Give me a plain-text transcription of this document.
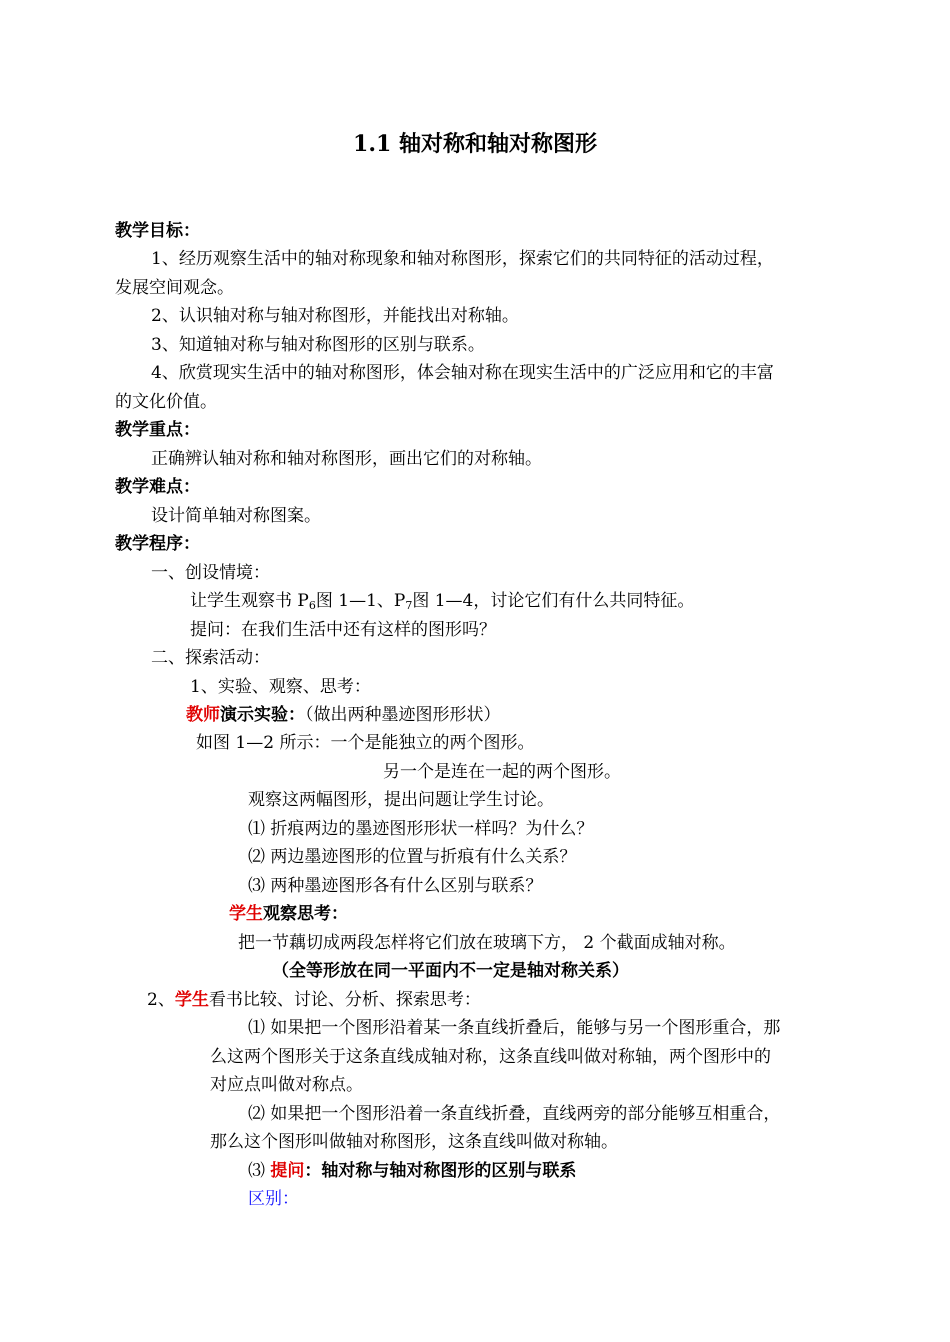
1.1 轴对称和轴对称图形
教学目标：
1、经历观察生活中的轴对称现象和轴对称图形，探索它们的共同特征的活动过程，
发展空间观念。
2、认识轴对称与轴对称图形，并能找出对称轴。
3、知道轴对称与轴对称图形的区别与联系。
4、欣赏现实生活中的轴对称图形，体会轴对称在现实生活中的广泛应用和它的丰富
的文化价值。
教学重点：
正确辨认轴对称和轴对称图形，画出它们的对称轴。
教学难点：
设计简单轴对称图案。
教学程序：
一、创设情境：
让学生观察书 $P_6$图 1—1、$P_7$图 1—4，讨论它们有什么共同特征。
提问：在我们生活中还有这样的图形吗？
二、探索活动：
1、实验、观察、思考：
教师演示实验：（做出两种墨迹图形形状）
如图 1—2 所示：一个是能独立的两个图形。
另一个是连在一起的两个图形。
观察这两幅图形，提出问题让学生讨论。
⑴ 折痕两边的墨迹图形形状一样吗？为什么？
⑵ 两边墨迹图形的位置与折痕有什么关系？
⑶ 两种墨迹图形各有什么区别与联系？
学生观察思考：
把一节藕切成两段怎样将它们放在玻璃下方， 2 个截面成轴对称。
（全等形放在同一平面内不一定是轴对称关系）
2、学生看书比较、讨论、分析、探索思考：
⑴ 如果把一个图形沿着某一条直线折叠后，能够与另一个图形重合，那
么这两个图形关于这条直线成轴对称，这条直线叫做对称轴，两个图形中的
对应点叫做对称点。
⑵ 如果把一个图形沿着一条直线折叠，直线两旁的部分能够互相重合，
那么这个图形叫做轴对称图形，这条直线叫做对称轴。
⑶ 提问：轴对称与轴对称图形的区别与联系
区别：
